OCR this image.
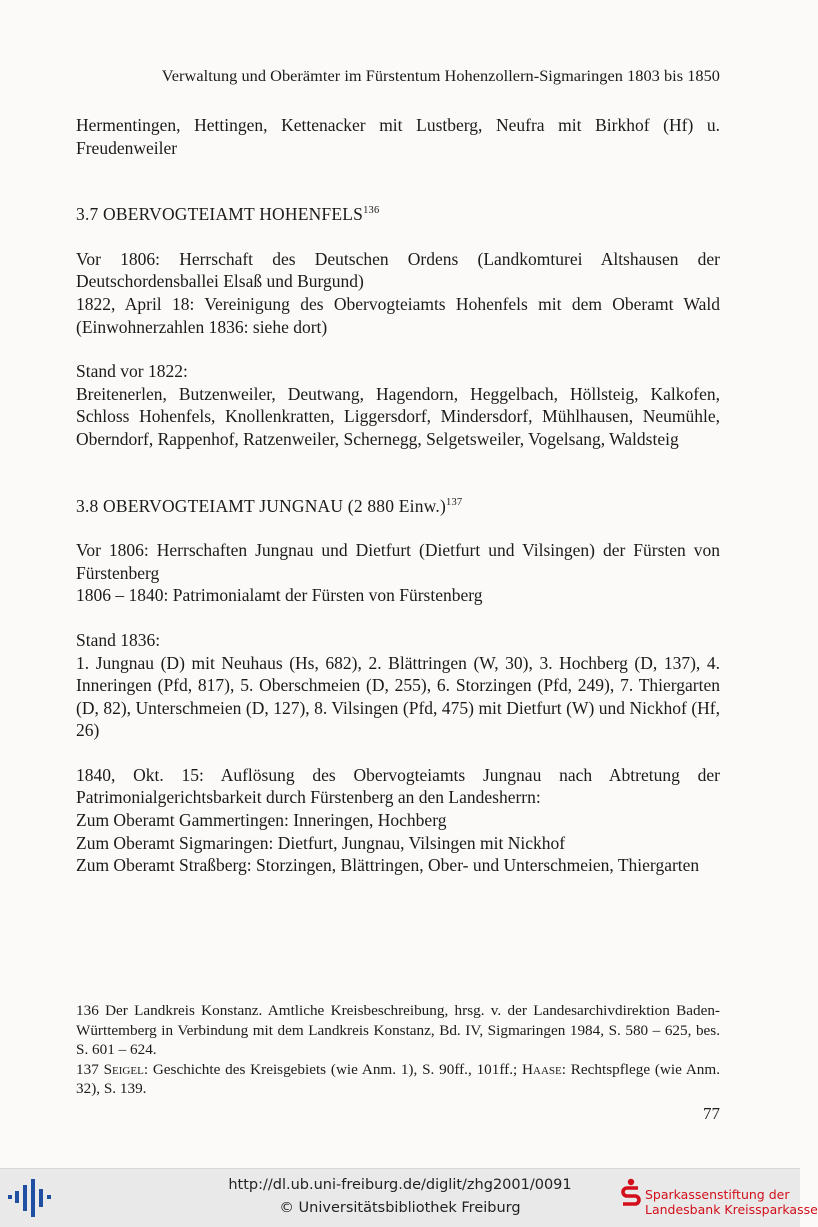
Verwaltung und Oberämter im Fürstentum Hohenzollern-Sigmaringen 1803 bis 1850

Hermentingen, Hettingen, Kettenacker mit Lustberg, Neufra mit Birkhof (Hf) u. Freudenweiler

3.7 OBERVOGTEIAMT HOHENFELS$^{136}$

Vor 1806: Herrschaft des Deutschen Ordens (Landkomturei Altshausen der Deutschordensballei Elsaß und Burgund)

1822, April 18: Vereinigung des Obervogteiamts Hohenfels mit dem Oberamt Wald (Einwohnerzahlen 1836: siehe dort)

Stand vor 1822:

Breitenerlen, Butzenweiler, Deutwang, Hagendorn, Heggelbach, Höllsteig, Kalkofen, Schloss Hohenfels, Knollenkratten, Liggersdorf, Mindersdorf, Mühlhausen, Neumühle, Oberndorf, Rappenhof, Ratzenweiler, Schernegg, Selgetsweiler, Vogelsang, Waldsteig

3.8 OBERVOGTEIAMT JUNGNAU (2 880 Einw.)$^{137}$

Vor 1806: Herrschaften Jungnau und Dietfurt (Dietfurt und Vilsingen) der Fürsten von Fürstenberg

1806 – 1840: Patrimonialamt der Fürsten von Fürstenberg

Stand 1836:

1. Jungnau (D) mit Neuhaus (Hs, 682), 2. Blättringen (W, 30), 3. Hochberg (D, 137), 4. Inneringen (Pfd, 817), 5. Oberschmeien (D, 255), 6. Storzingen (Pfd, 249), 7. Thiergarten (D, 82), Unterschmeien (D, 127), 8. Vilsingen (Pfd, 475) mit Dietfurt (W) und Nickhof (Hf, 26)

1840, Okt. 15: Auflösung des Obervogteiamts Jungnau nach Abtretung der Patrimonialgerichtsbarkeit durch Fürstenberg an den Landesherrn:

Zum Oberamt Gammertingen: Inneringen, Hochberg

Zum Oberamt Sigmaringen: Dietfurt, Jungnau, Vilsingen mit Nickhof

Zum Oberamt Straßberg: Storzingen, Blättringen, Ober- und Unterschmeien, Thiergarten

136 Der Landkreis Konstanz. Amtliche Kreisbeschreibung, hrsg. v. der Landesarchivdirektion Baden-Württemberg in Verbindung mit dem Landkreis Konstanz, Bd. IV, Sigmaringen 1984, S. 580 – 625, bes. S. 601 – 624.

137 Seigel: Geschichte des Kreisgebiets (wie Anm. 1), S. 90ff., 101ff.; Haase: Rechtspflege (wie Anm. 32), S. 139.

77
http://dl.ub.uni-freiburg.de/diglit/zhg2001/0091
© Universitätsbibliothek Freiburg
Sparkassenstiftung der
Landesbank Kreissparkasse
